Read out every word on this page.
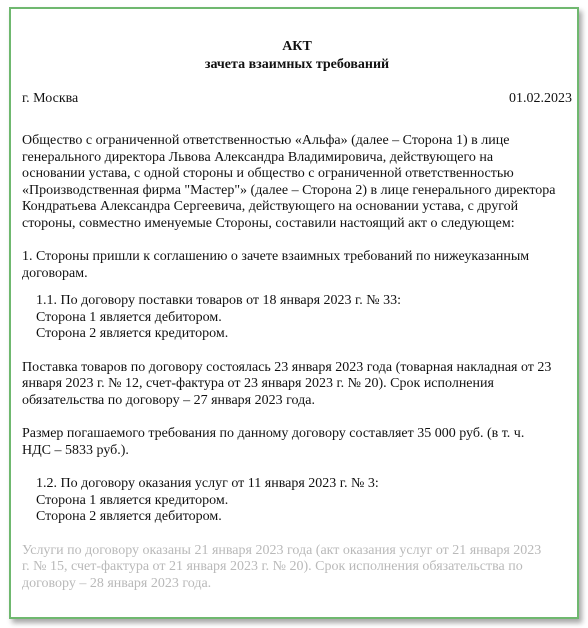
АКТ
зачета взаимных требований
г. Москва	01.02.2023

Общество с ограниченной ответственностью «Альфа» (далее – Сторона 1) в лице

генерального директора Львова Александра Владимировича, действующего на

основании устава, с одной стороны и общество с ограниченной ответственностью

«Производственная фирма "Мастер"» (далее – Сторона 2) в лице генерального директора

Кондратьева Александра Сергеевича, действующего на основании устава, с другой

стороны, совместно именуемые Стороны, составили настоящий акт о следующем:

1. Стороны пришли к соглашению о зачете взаимных требований по нижеуказанным

договорам.

1.1. По договору поставки товаров от 18 января 2023 г. № 33:

Сторона 1 является дебитором.

Сторона 2 является кредитором.

Поставка товаров по договору состоялась 23 января 2023 года (товарная накладная от 23

января 2023 г. № 12, счет-фактура от 23 января 2023 г. № 20). Срок исполнения

обязательства по договору – 27 января 2023 года.

Размер погашаемого требования по данному договору составляет 35 000 руб. (в т. ч.

НДС – 5833 руб.).

1.2. По договору оказания услуг от 11 января 2023 г. № 3:

Сторона 1 является кредитором.

Сторона 2 является дебитором.

Услуги по договору оказаны 21 января 2023 года (акт оказания услуг от 21 января 2023

г. № 15, счет-фактура от 21 января 2023 г. № 20). Срок исполнения обязательства по

договору – 28 января 2023 года.
